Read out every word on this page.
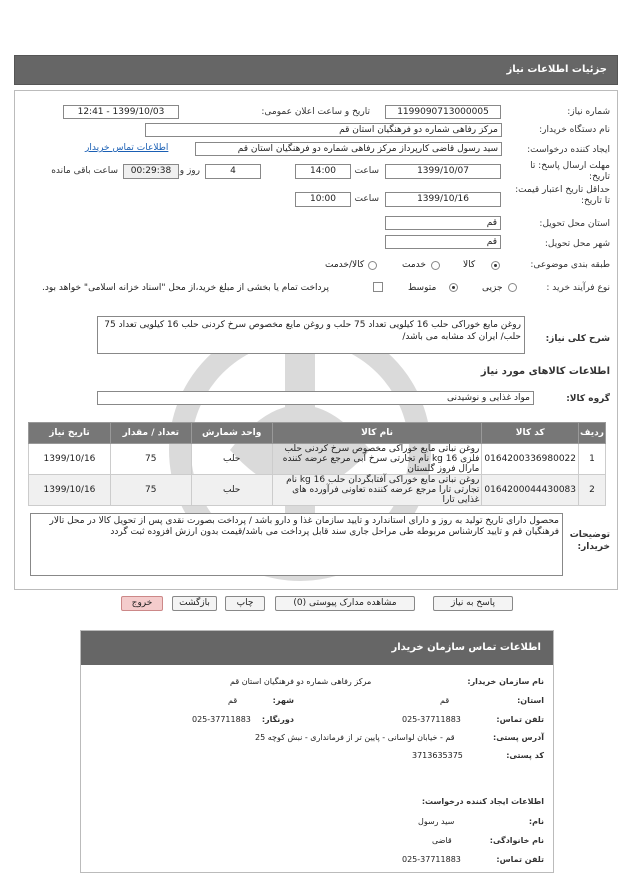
جزئیات اطلاعات نیاز
شماره نیاز:
1199090713000005
تاریخ و ساعت اعلان عمومی:
1399/10/03 - 12:41
نام دستگاه خریدار:
مرکز رفاهی شماره دو فرهنگیان استان قم
ایجاد کننده درخواست:
سید رسول قاضی کارپرداز مرکز رفاهی شماره دو فرهنگیان استان قم
اطلاعات تماس خریدار
مهلت ارسال پاسخ: تا تاریخ:
1399/10/07
ساعت
14:00
4
روز و
00:29:38
ساعت باقی مانده
حداقل تاریخ اعتبار قیمت: تا تاریخ:
1399/10/16
ساعت
10:00
استان محل تحویل:
قم
شهر محل تحویل:
قم
طبقه بندی موضوعی:
کالا
خدمت
کالا/خدمت
نوع فرآیند خرید :
جزیی
متوسط
پرداخت تمام یا بخشی از مبلغ خرید،از محل "اسناد خزانه اسلامی" خواهد بود.
شرح کلی نیاز:
روغن مایع خوراکی حلب 16 کیلویی تعداد 75 حلب و روغن مایع مخصوص سرخ کردنی حلب 16 کیلویی تعداد 75 حلب/ ایران کد مشابه می باشد/
اطلاعات کالاهای مورد نیاز
گروه کالا:
مواد غذایی و نوشیدنی
ردیف	کد کالا	نام کالا	واحد شمارش	تعداد / مقدار	تاریخ نیاز
1	0164200336980022	روغن نباتی مایع خوراکی مخصوص سرخ کردنی حلب فلزی 16 kg نام تجارتی سرخ آبی مرجع عرضه کننده مارال فروز گلستان	حلب	75	1399/10/16
2	0164200044430083	روغن نباتی مایع خوراکی آفتابگردان حلب 16 kg نام تجارتی تارا مرجع عرضه کننده تعاونی فرآورده های غذایی تارا	حلب	75	1399/10/16
توضیحات خریدار:
محصول دارای تاریخ تولید به روز و دارای استاندارد و تایید سازمان غذا و دارو باشد / پرداخت بصورت نقدی پس از تحویل کالا در محل تالار فرهنگیان قم و تایید کارشناس مربوطه طی مراحل جاری سند قابل پرداخت می باشد/قیمت بدون ارزش افزوده ثبت گردد
پاسخ به نیاز
مشاهده مدارک پیوستی (0)
چاپ
بازگشت
خروج
اطلاعات تماس سازمان خریدار
نام سازمان خریدار:
مرکز رفاهی شماره دو فرهنگیان استان قم
استان:
قم
شهر:
قم
تلفن تماس:
025-37711883
دورنگار:
025-37711883
آدرس پستی:
قم - خیابان لواسانی - پایین تر از فرمانداری - نبش کوچه 25
کد پستی:
3713635375
اطلاعات ایجاد کننده درخواست:
نام:
سید رسول
نام خانوادگی:
قاضی
تلفن تماس:
025-37711883
